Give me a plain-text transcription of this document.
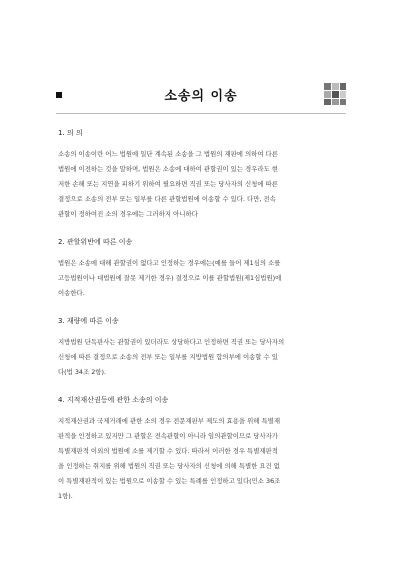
소송의 이송
1. 의 의

소송의 이송이란 어느 법원에 일단 계속된 소송을 그 법원의 재판에 의하여 다른
법원에 이전하는 것을 말하며, 법원은 소송에 대하여 관할권이 있는 경우라도 현
저한 손해 또는 지연을 피하기 위하여 필요하면 직권 또는 당사자의 신청에 따른
결정으로 소송의 전부 또는 일부를 다른 관할법원에 이송할 수 있다. 다만, 전속
관할이 정하여진 소의 경우에는 그러하지 아니하다

2. 관할위반에 따른 이송

법원은 소송에 대해 관할권이 없다고 인정하는 경우에는(예를 들어 제1심의 소를
고등법원이나 대법원에 잘못 제기한 경우) 결정으로 이를 관할법원(제1심법원)에
이송한다.

3. 재량에 따른 이송

지방법원 단독판사는 관할권이 있더라도 상당하다고 인정하면 직권 또는 당사자의
신청에 따른 결정으로 소송의 전부 또는 일부를 지방법원 합의부에 이송할 수 있
다(법 34조 2항).

4. 지적재산권등에 관한 소송의 이송

지적재산권과 국제거래에 관한 소의 경우 전문재판부 제도의 효용을 위해 특별재
판적을 인정하고 있지만 그 관할은 전속관할이 아니라 임의관할이므로 당사자가
특별재판적 이외의 법원에 소를 제기할 수 있다. 따라서 이러한 경우 특별재판적
을 인정하는 취지를 위해 법원의 직권 또는 당사자의 신청에 의해 특별한 요건 없
이 특별재판적이 있는 법원으로 이송할 수 있는 특례를 인정하고 있다(민소 36조
1항).
